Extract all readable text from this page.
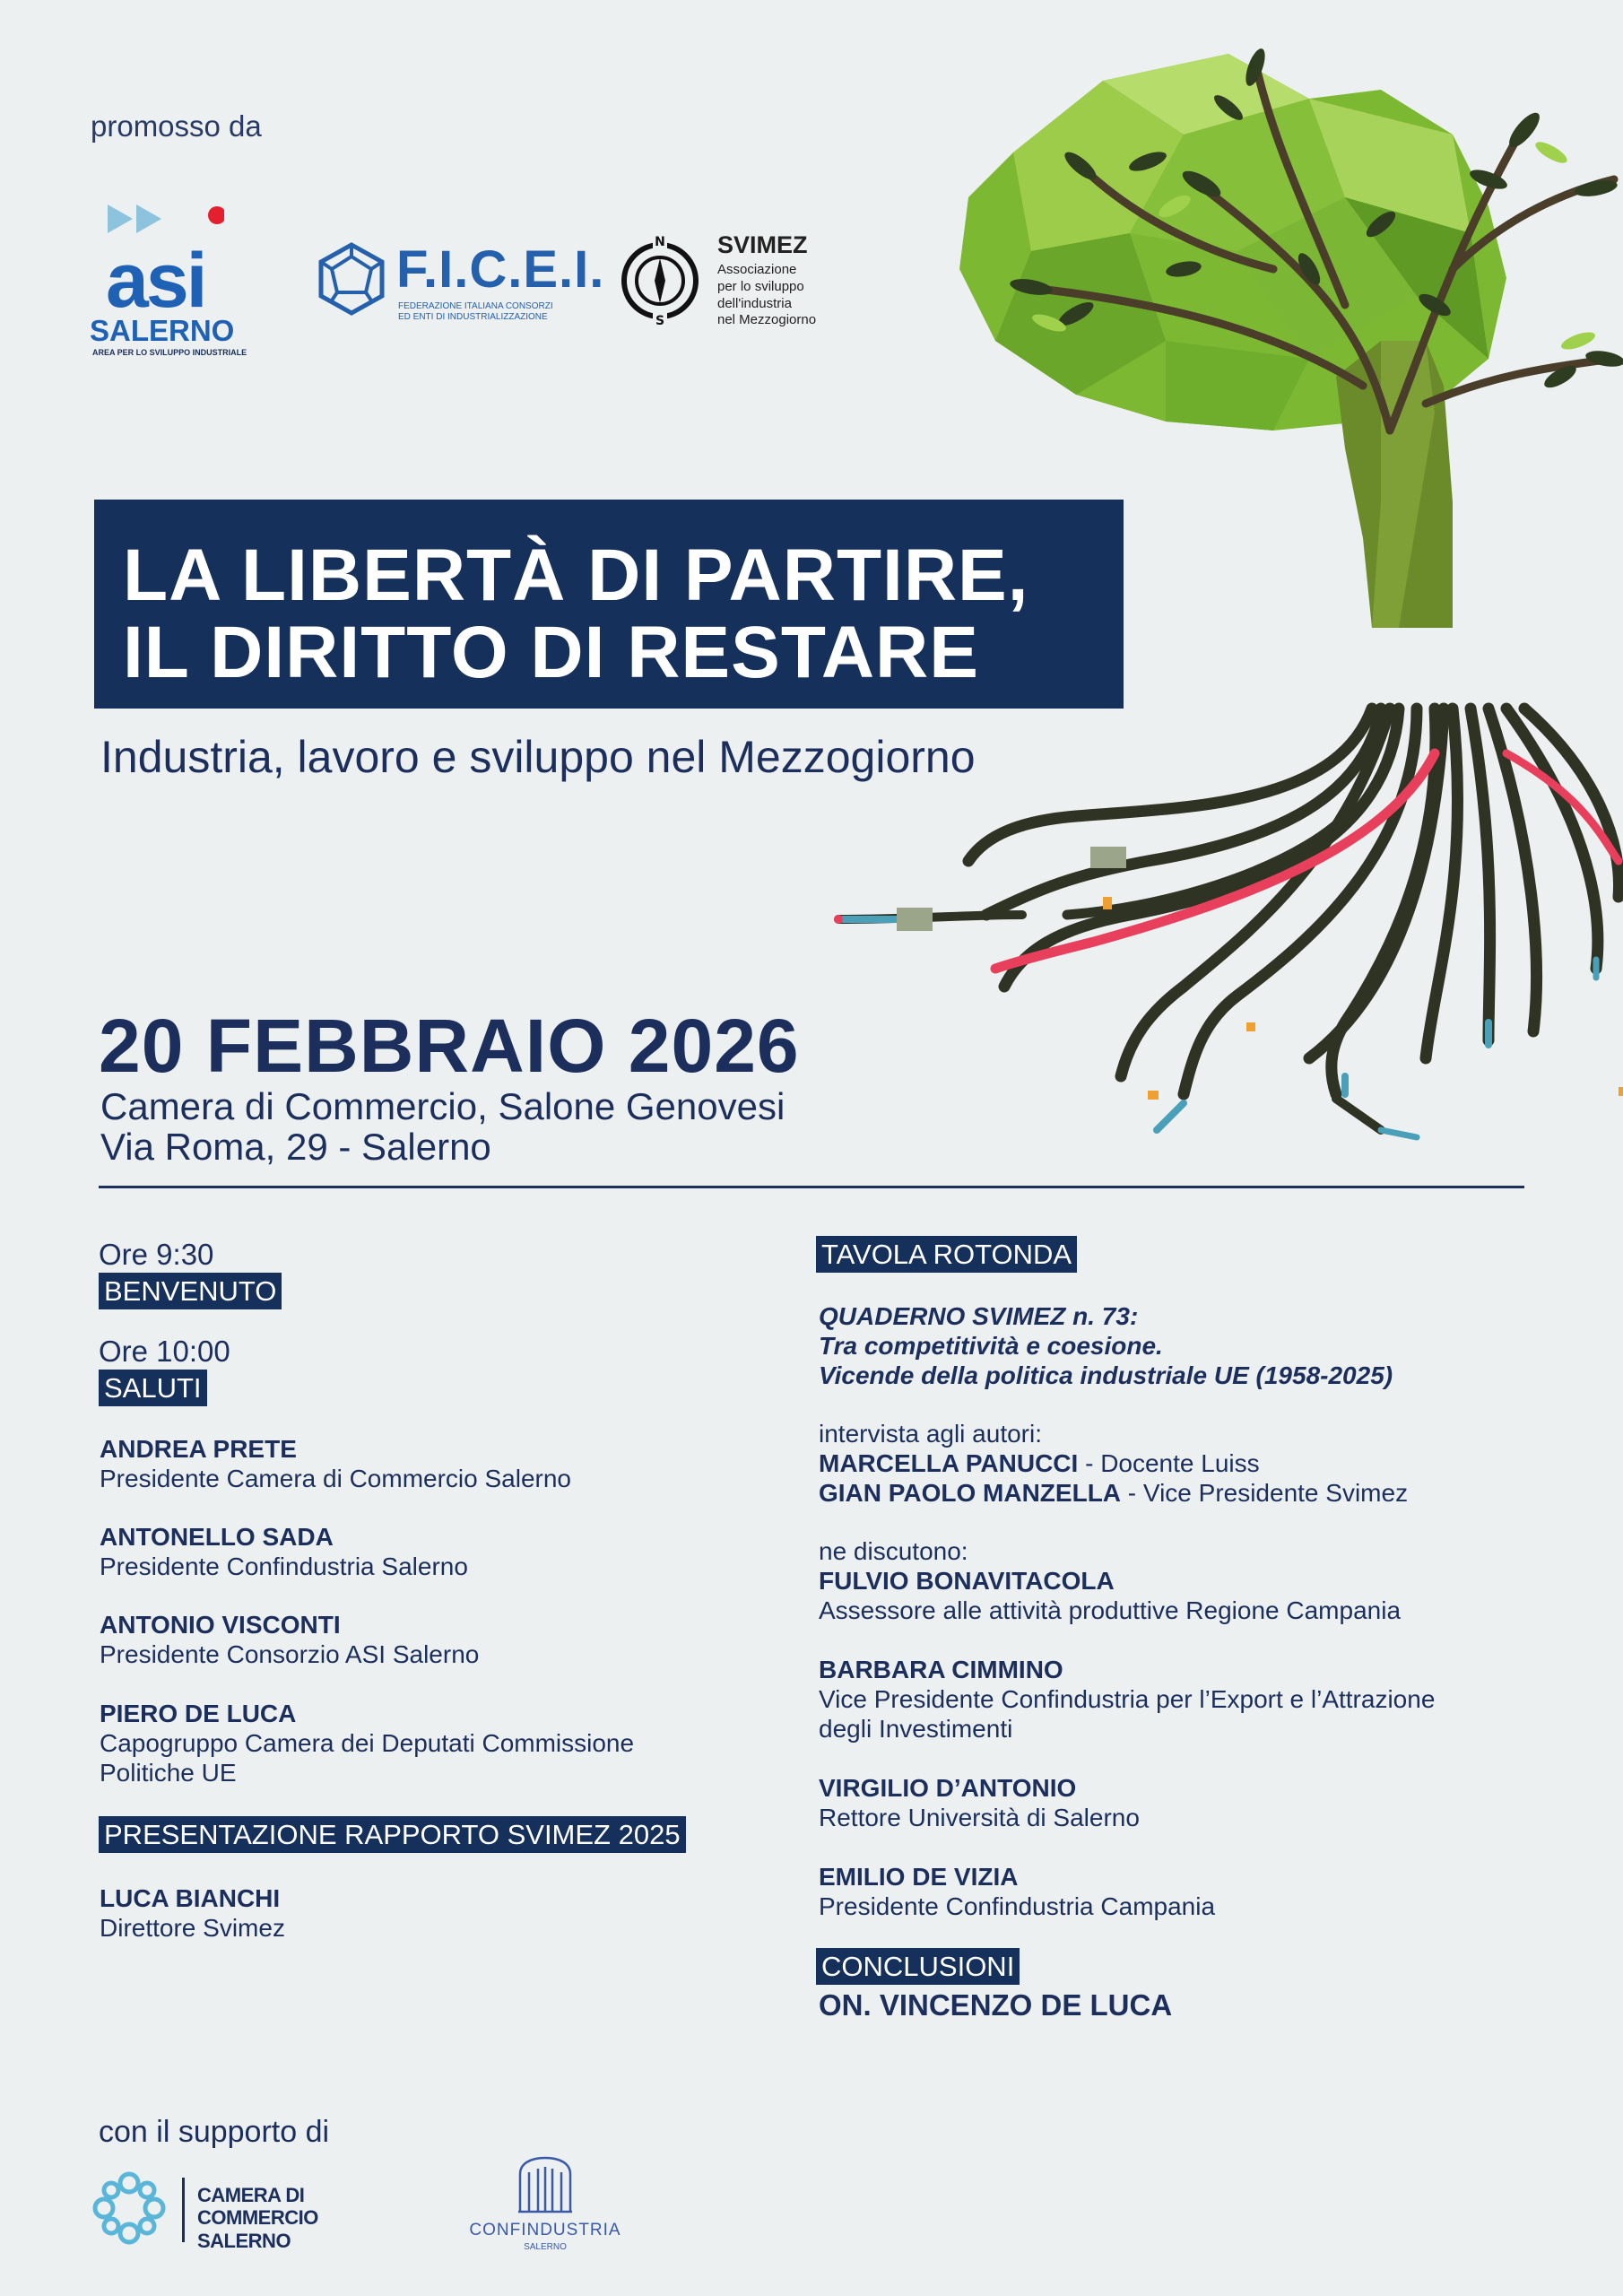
promosso da
asi
SALERNO
AREA PER LO SVILUPPO INDUSTRIALE
F.I.C.E.I.
FEDERAZIONE ITALIANA CONSORZI
ED ENTI DI INDUSTRIALIZZAZIONE
N
S
SVIMEZ
Associazione
per lo sviluppo
dell'industria
nel Mezzogiorno
LA LIBERTÀ DI PARTIRE,
IL DIRITTO DI RESTARE
Industria, lavoro e sviluppo nel Mezzogiorno
20 FEBBRAIO 2026
Camera di Commercio, Salone Genovesi
Via Roma, 29 - Salerno
Ore 9:30
BENVENUTO
Ore 10:00
SALUTI
ANDREA PRETE
Presidente Camera di Commercio Salerno
ANTONELLO SADA
Presidente Confindustria Salerno
ANTONIO VISCONTI
Presidente Consorzio ASI Salerno
PIERO DE LUCA
Capogruppo Camera dei Deputati Commissione
Politiche UE
PRESENTAZIONE RAPPORTO SVIMEZ 2025
LUCA BIANCHI
Direttore Svimez
TAVOLA ROTONDA
QUADERNO SVIMEZ n. 73:
Tra competitività e coesione.
Vicende della politica industriale UE (1958-2025)
intervista agli autori:
MARCELLA PANUCCI - Docente Luiss
GIAN PAOLO MANZELLA - Vice Presidente Svimez
ne discutono:
FULVIO BONAVITACOLA
Assessore alle attività produttive Regione Campania
BARBARA CIMMINO
Vice Presidente Confindustria per l’Export e l’Attrazione
degli Investimenti
VIRGILIO D’ANTONIO
Rettore Università di Salerno
EMILIO DE VIZIA
Presidente Confindustria Campania
CONCLUSIONI
ON. VINCENZO DE LUCA
con il supporto di
CAMERA DI COMMERCIO
SALERNO	CONFINDUSTRIA
SALERNO
